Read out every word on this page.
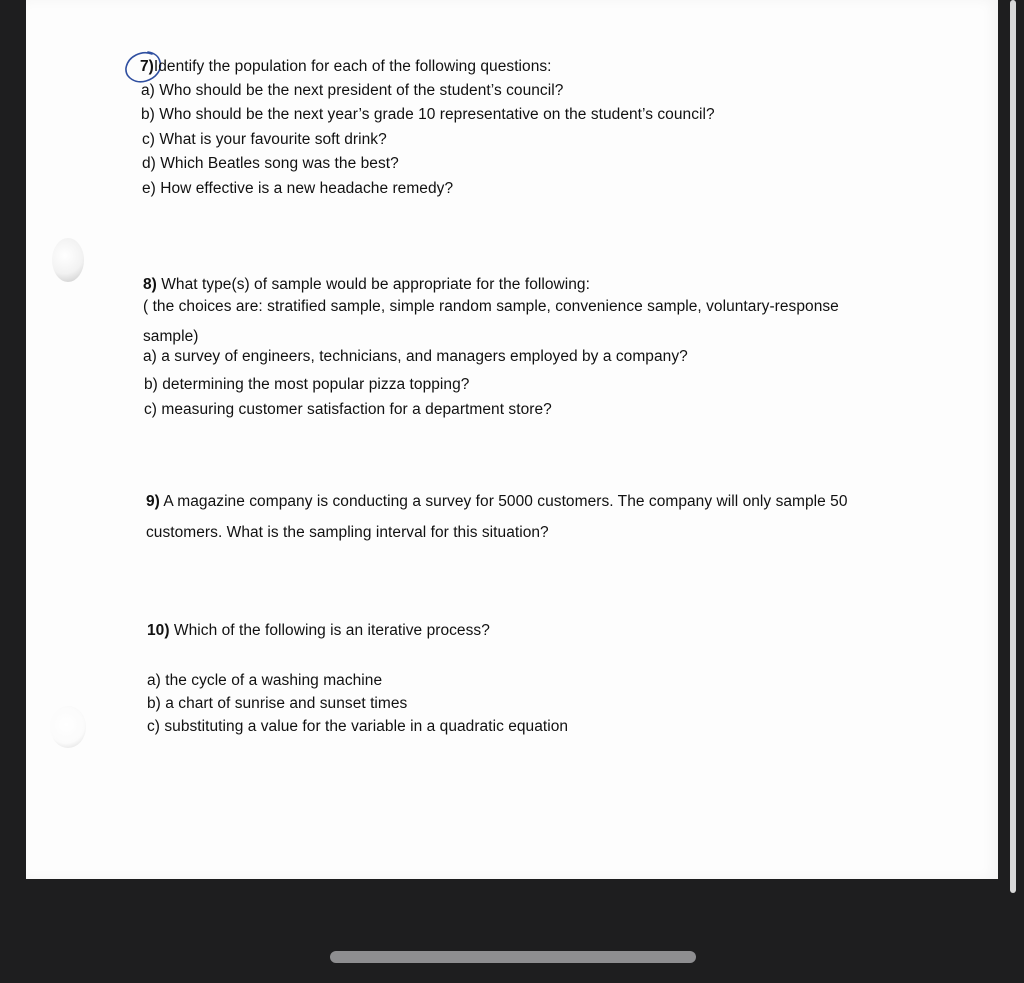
7)Identify the population for each of the following questions:
a) Who should be the next president of the student’s council?
b) Who should be the next year’s grade 10 representative on the student’s council?
c) What is your favourite soft drink?
d) Which Beatles song was the best?
e) How effective is a new headache remedy?
8) What type(s) of sample would be appropriate for the following:
( the choices are: stratified sample, simple random sample, convenience sample, voluntary-response
sample)
a) a survey of engineers, technicians, and managers employed by a company?
b) determining the most popular pizza topping?
c) measuring customer satisfaction for a department store?
9) A magazine company is conducting a survey for 5000 customers. The company will only sample 50
customers. What is the sampling interval for this situation?
10) Which of the following is an iterative process?
a) the cycle of a washing machine
b) a chart of sunrise and sunset times
c) substituting a value for the variable in a quadratic equation
